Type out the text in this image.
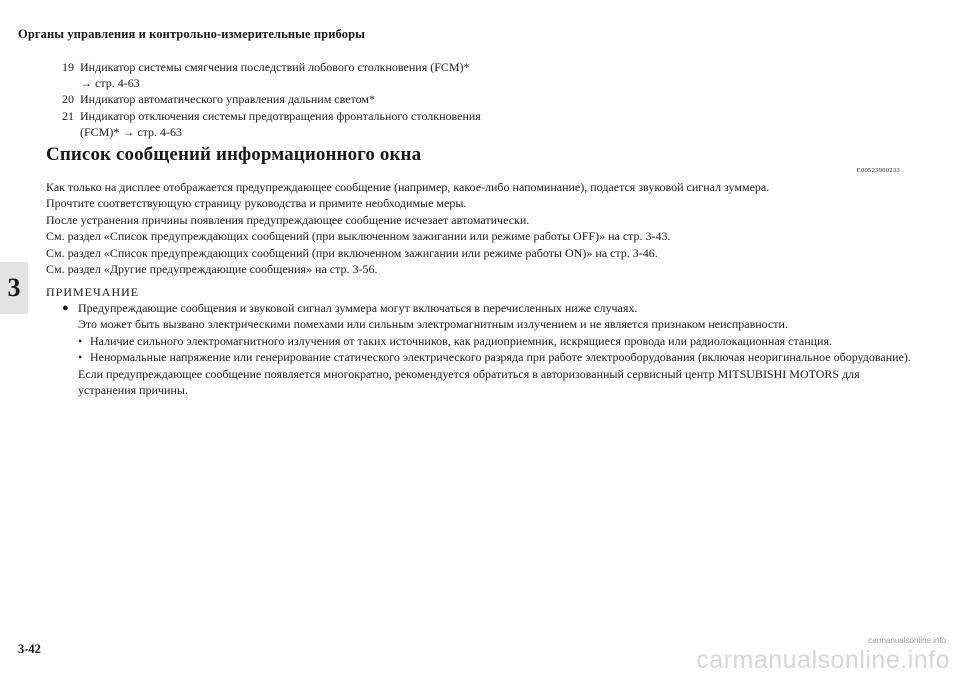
Органы управления и контрольно-измерительные приборы
3
19 Индикатор системы смягчения последствий лобового столкновения (FCM)* → стр. 4-63
20 Индикатор автоматического управления дальним светом*
21 Индикатор отключения системы предотвращения фронтального столкновения (FCM)* → стр. 4-63
Список сообщений информационного окна
E00523900233

Как только на дисплее отображается предупреждающее сообщение (например, какое-либо напоминание), подается звуковой сигнал зуммера.

Прочтите соответствующую страницу руководства и примите необходимые меры.

После устранения причины появления предупреждающее сообщение исчезает автоматически.

См. раздел «Список предупреждающих сообщений (при выключенном зажигании или режиме работы OFF)» на стр. 3-43.

См. раздел «Список предупреждающих сообщений (при включенном зажигании или режиме работы ON)» на стр. 3-46.

См. раздел «Другие предупреждающие сообщения» на стр. 3-56.

ПРИМЕЧАНИЕ
● Предупреждающие сообщения и звуковой сигнал зуммера могут включаться в перечисленных ниже случаях.

Это может быть вызвано электрическими помехами или сильным электромагнитным излучением и не является признаком неисправности.

• Наличие сильного электромагнитного излучения от таких источников, как радиоприемник, искрящиеся провода или радиолокационная станция.
• Ненормальные напряжение или генерирование статического электрического разряда при работе электрооборудования (включая неоригинальное оборудование).

Если предупреждающее сообщение появляется многократно, рекомендуется обратиться в авторизованный сервисный центр MITSUBISHI MOTORS для устранения причины.

3-42
carmanualsonline.info
carmanualsonline.info
